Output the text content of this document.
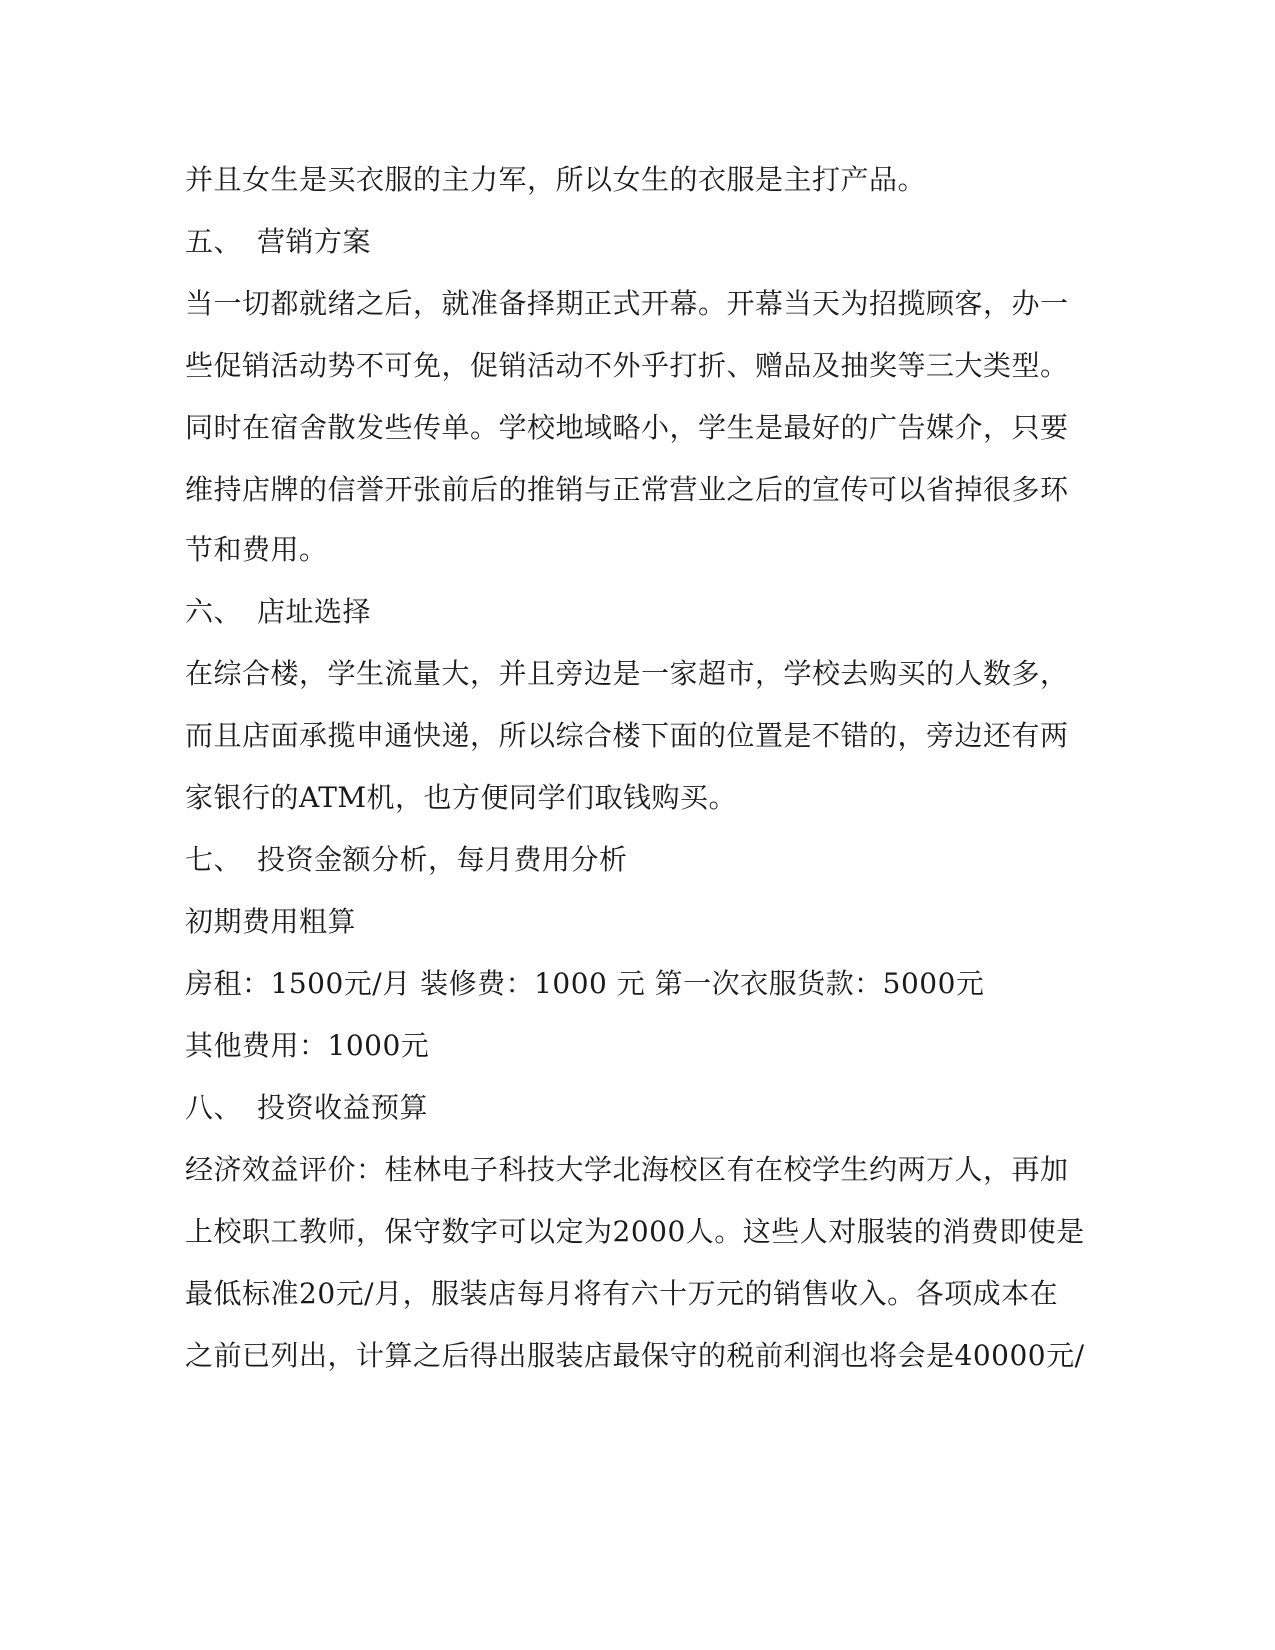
并且女生是买衣服的主力军，所以女生的衣服是主打产品。
五、 营销方案
当一切都就绪之后，就准备择期正式开幕。开幕当天为招揽顾客，办一
些促销活动势不可免，促销活动不外乎打折、赠品及抽奖等三大类型。
同时在宿舍散发些传单。学校地域略小，学生是最好的广告媒介，只要
维持店牌的信誉开张前后的推销与正常营业之后的宣传可以省掉很多环
节和费用。
六、 店址选择
在综合楼，学生流量大，并且旁边是一家超市，学校去购买的人数多，
而且店面承揽申通快递，所以综合楼下面的位置是不错的，旁边还有两
家银行的ATM机，也方便同学们取钱购买。
七、 投资金额分析，每月费用分析
初期费用粗算
房租：1500元/月 装修费：1000 元 第一次衣服货款：5000元
其他费用：1000元
八、 投资收益预算
经济效益评价：桂林电子科技大学北海校区有在校学生约两万人，再加
上校职工教师，保守数字可以定为2000人。这些人对服装的消费即使是
最低标准20元/月，服装店每月将有六十万元的销售收入。各项成本在
之前已列出，计算之后得出服装店最保守的税前利润也将会是40000元/
